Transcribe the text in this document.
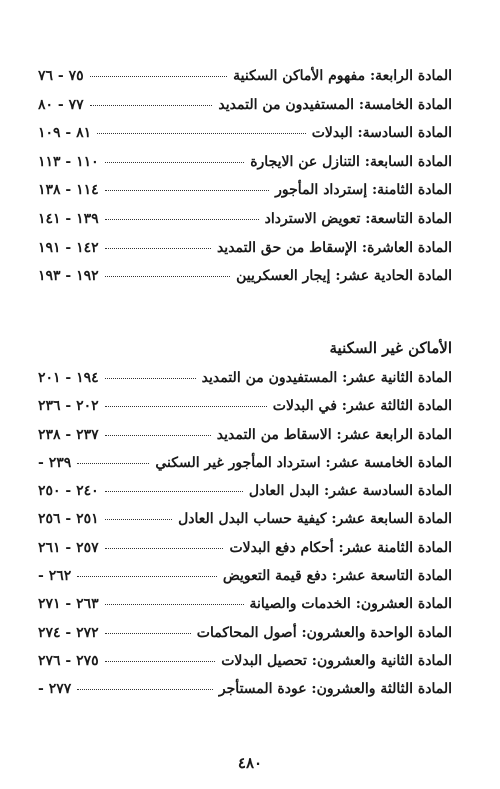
المادة الرابعة: مفهوم الأماكن السكنية
٧٥ - ٧٦
المادة الخامسة: المستفيدون من التمديد
٧٧ - ٨٠
المادة السادسة: البدلات
٨١ - ١٠٩
المادة السابعة: التنازل عن الايجارة
١١٠ - ١١٣
المادة الثامنة: إسترداد المأجور
١١٤ - ١٣٨
المادة التاسعة: تعويض الاسترداد
١٣٩ - ١٤١
المادة العاشرة: الإسقاط من حق التمديد
١٤٢ - ١٩١
المادة الحادية عشر: إيجار العسكريين
١٩٢ - ١٩٣
الأماكن غير السكنية
المادة الثانية عشر: المستفيدون من التمديد
١٩٤ - ٢٠١
المادة الثالثة عشر: في البدلات
٢٠٢ - ٢٣٦
المادة الرابعة عشر: الاسقاط من التمديد
٢٣٧ - ٢٣٨
المادة الخامسة عشر: استرداد المأجور غير السكني
٢٣٩ -
المادة السادسة عشر: البدل العادل
٢٤٠ - ٢٥٠
المادة السابعة عشر: كيفية حساب البدل العادل
٢٥١ - ٢٥٦
المادة الثامنة عشر: أحكام دفع البدلات
٢٥٧ - ٢٦١
المادة التاسعة عشر: دفع قيمة التعويض
٢٦٢ -
المادة العشرون: الخدمات والصيانة
٢٦٣ - ٢٧١
المادة الواحدة والعشرون: أصول المحاكمات
٢٧٢ - ٢٧٤
المادة الثانية والعشرون: تحصيل البدلات
٢٧٥ - ٢٧٦
المادة الثالثة والعشرون: عودة المستأجر
٢٧٧ -
٤٨٠
